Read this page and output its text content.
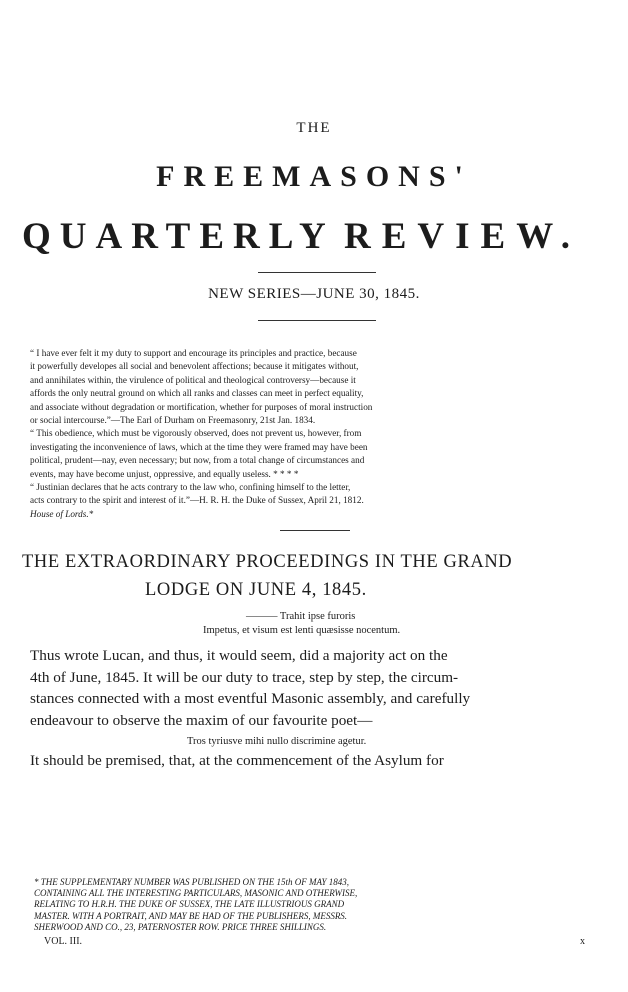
THE

FREEMASONS'

QUARTERLY REVIEW.

NEW SERIES—JUNE 30, 1845.

“ I have ever felt it my duty to support and encourage its principles and practice, because
it powerfully developes all social and benevolent affections; because it mitigates without,
and annihilates within, the virulence of political and theological controversy—because it
affords the only neutral ground on which all ranks and classes can meet in perfect equality,
and associate without degradation or mortification, whether for purposes of moral instruction
or social intercourse.”—The Earl of Durham on Freemasonry, 21st Jan. 1834.
“ This obedience, which must be vigorously observed, does not prevent us, however, from
investigating the inconvenience of laws, which at the time they were framed may have been
political, prudent—nay, even necessary; but now, from a total change of circumstances and
events, may have become unjust, oppressive, and equally useless. * * * *
“ Justinian declares that he acts contrary to the law who, confining himself to the letter,
acts contrary to the spirit and interest of it.”—H. R. H. the Duke of Sussex, April 21, 1812.
House of Lords.*

THE EXTRAORDINARY PROCEEDINGS IN THE GRAND

LODGE ON JUNE 4, 1845.

——— Trahit ipse furoris

Impetus, et visum est lenti quæsisse nocentum.

Thus wrote Lucan, and thus, it would seem, did a majority act on the
4th of June, 1845. It will be our duty to trace, step by step, the circum-
stances connected with a most eventful Masonic assembly, and carefully
endeavour to observe the maxim of our favourite poet—

Tros tyriusve mihi nullo discrimine agetur.

It should be premised, that, at the commencement of the Asylum for

* THE SUPPLEMENTARY NUMBER WAS PUBLISHED ON THE 15th OF MAY 1843,
CONTAINING ALL THE INTERESTING PARTICULARS, MASONIC AND OTHERWISE,
RELATING TO H.R.H. THE DUKE OF SUSSEX, THE LATE ILLUSTRIOUS GRAND
MASTER. WITH A PORTRAIT, AND MAY BE HAD OF THE PUBLISHERS, MESSRS.
SHERWOOD AND CO., 23, PATERNOSTER ROW. PRICE THREE SHILLINGS.

VOL. III.	x
